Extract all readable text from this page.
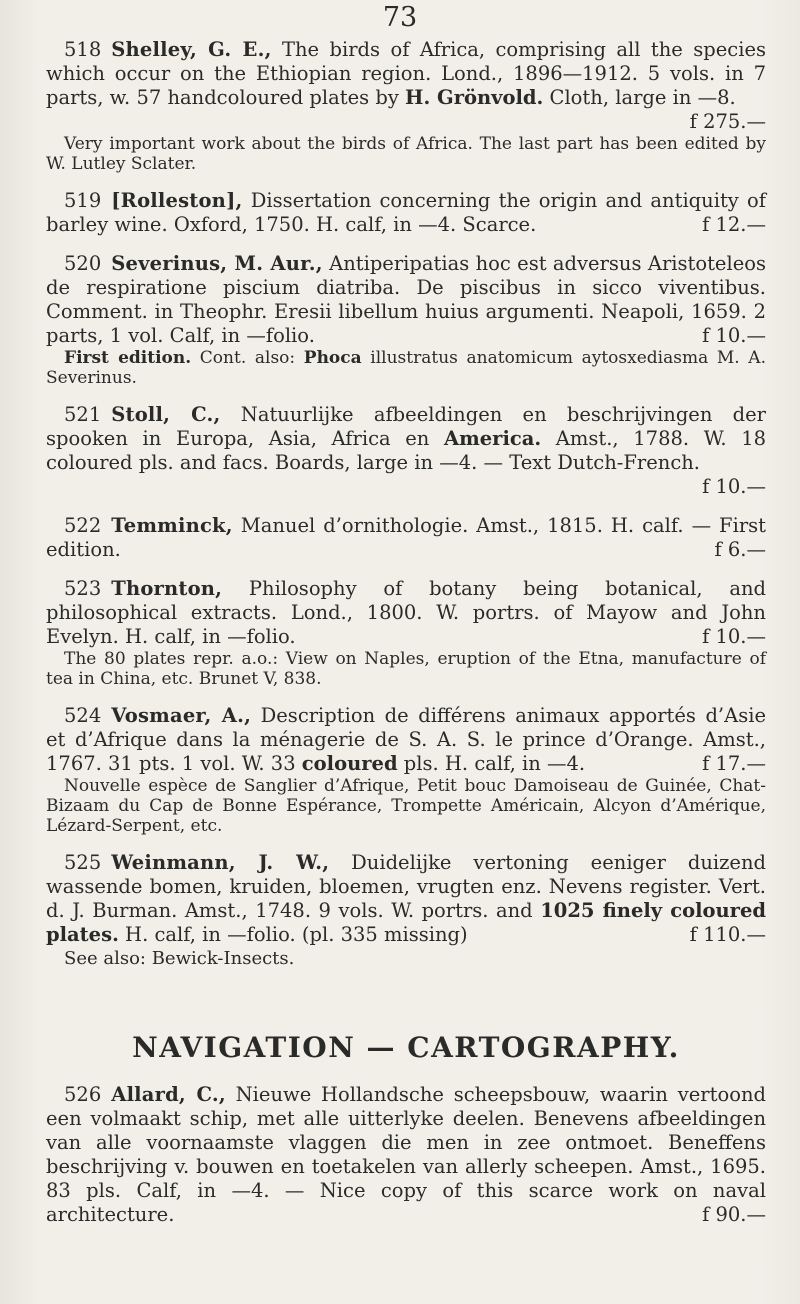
73

518 Shelley, G. E., The birds of Africa, comprising all the species which occur on the Ethiopian region. Lond., 1896—1912. 5 vols. in 7 parts, w. 57 handcoloured plates by H. Grönvold. Cloth, large in —8.
f 275.—

Very important work about the birds of Africa. The last part has been edited by W. Lutley Sclater.

519 [Rolleston], Dissertation concerning the origin and antiquity of barley wine. Oxford, 1750. H. calf, in —4. Scarce.	f 12.—

520 Severinus, M. Aur., Antiperipatias hoc est adversus Aristoteleos de respiratione piscium diatriba. De piscibus in sicco viventibus. Comment. in Theophr. Eresii libellum huius argumenti. Neapoli, 1659. 2 parts, 1 vol. Calf, in —folio.	f 10.—

First edition. Cont. also: Phoca illustratus anatomicum aytosxediasma M. A. Severinus.

521 Stoll, C., Natuurlijke afbeeldingen en beschrijvingen der spooken in Europa, Asia, Africa en America. Amst., 1788. W. 18 coloured pls. and facs. Boards, large in —4. — Text Dutch-French.
f 10.—

522 Temminck, Manuel d’ornithologie. Amst., 1815. H. calf. — First edition.	f 6.—

523 Thornton, Philosophy of botany being botanical, and philosophical extracts. Lond., 1800. W. portrs. of Mayow and John Evelyn. H. calf, in —folio.	f 10.—

The 80 plates repr. a.o.: View on Naples, eruption of the Etna, manufacture of tea in China, etc. Brunet V, 838.

524 Vosmaer, A., Description de différens animaux apportés d’Asie et d’Afrique dans la ménagerie de S. A. S. le prince d’Orange. Amst., 1767. 31 pts. 1 vol. W. 33 coloured pls. H. calf, in —4.	f 17.—

Nouvelle espèce de Sanglier d’Afrique, Petit bouc Damoiseau de Guinée, Chat-Bizaam du Cap de Bonne Espérance, Trompette Américain, Alcyon d’Amérique, Lézard-Serpent, etc.

525 Weinmann, J. W., Duidelijke vertoning eeniger duizend wassende bomen, kruiden, bloemen, vrugten enz. Nevens register. Vert. d. J. Burman. Amst., 1748. 9 vols. W. portrs. and 1025 finely coloured plates. H. calf, in —folio. (pl. 335 missing)	f 110.—

See also: Bewick-Insects.

NAVIGATION — CARTOGRAPHY.

526 Allard, C., Nieuwe Hollandsche scheepsbouw, waarin vertoond een volmaakt schip, met alle uitterlyke deelen. Benevens afbeeldingen van alle voornaamste vlaggen die men in zee ontmoet. Beneffens beschrijving v. bouwen en toetakelen van allerly scheepen. Amst., 1695. 83 pls. Calf, in —4. — Nice copy of this scarce work on naval architecture.	f 90.—
